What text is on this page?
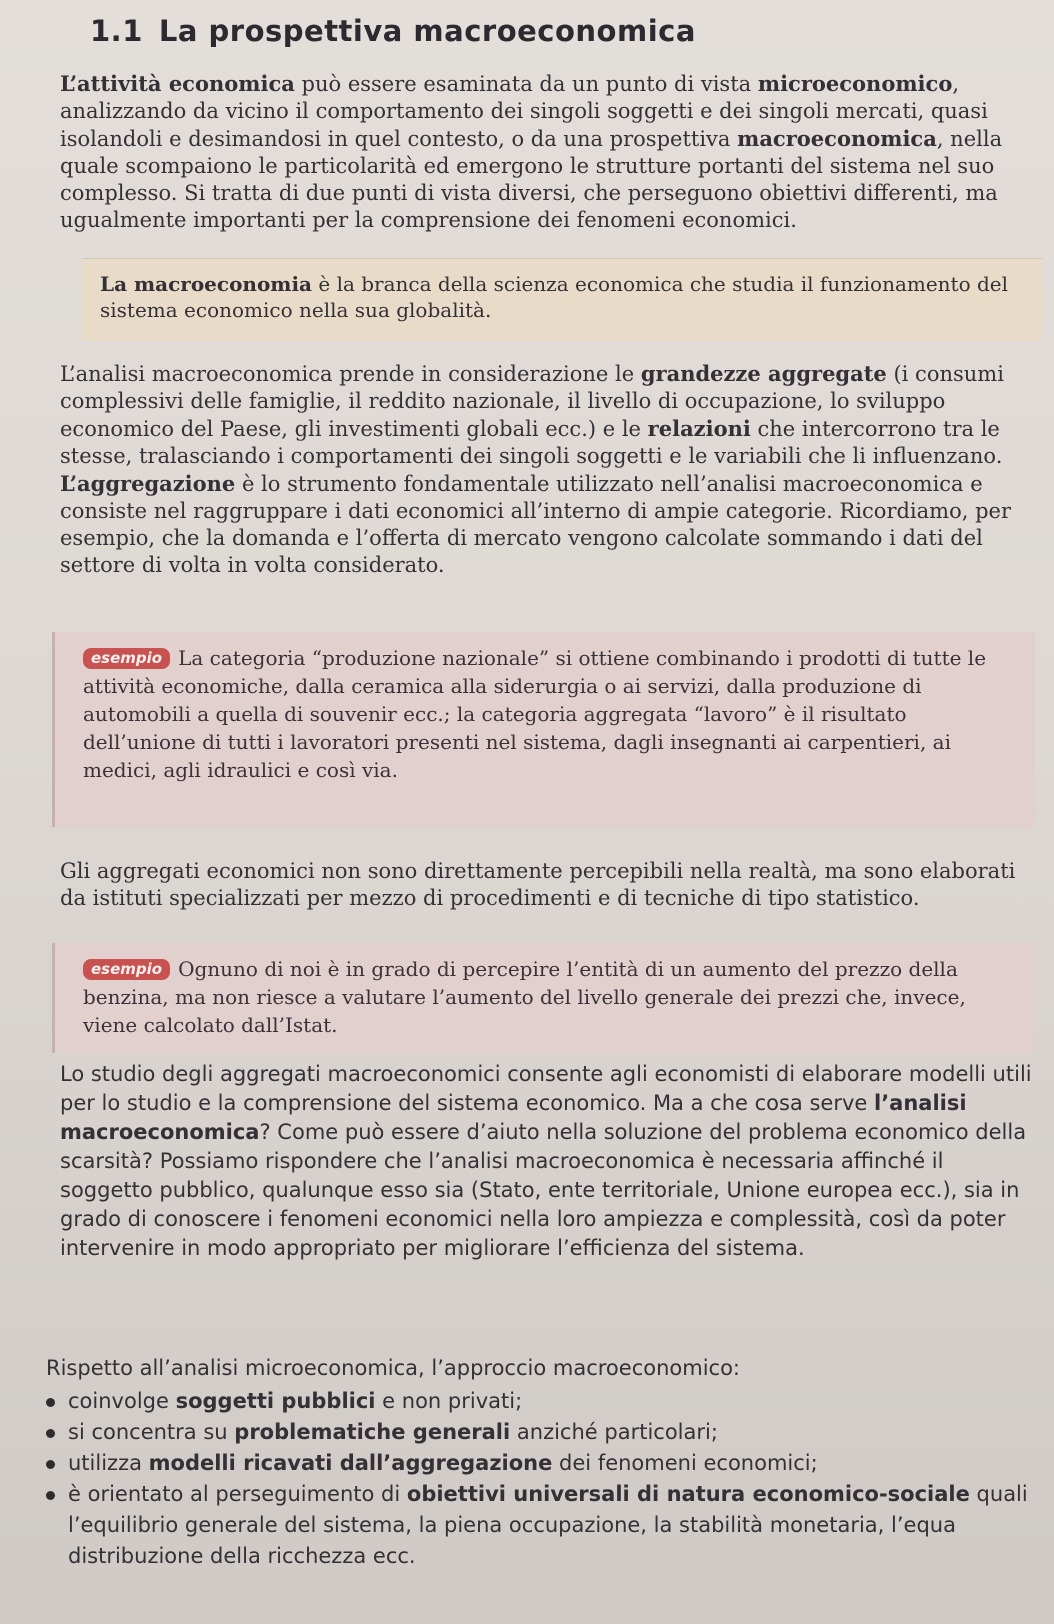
1.1 La prospettiva macroeconomica

L’attività economica può essere esaminata da un punto di vista microeconomico, analizzando da vicino il comportamento dei singoli soggetti e dei singoli mercati, quasi isolandoli e desimandosi in quel contesto, o da una prospettiva macroeconomica, nella quale scompaiono le particolarità ed emergono le strutture portanti del sistema nel suo complesso. Si tratta di due punti di vista diversi, che perseguono obiettivi differenti, ma ugualmente importanti per la comprensione dei fenomeni economici.

La macroeconomia è la branca della scienza economica che studia il funzionamento del sistema economico nella sua globalità.

L’analisi macroeconomica prende in considerazione le grandezze aggregate (i consumi complessivi delle famiglie, il reddito nazionale, il livello di occupazione, lo sviluppo economico del Paese, gli investimenti globali ecc.) e le relazioni che intercorrono tra le stesse, tralasciando i comportamenti dei singoli soggetti e le variabili che li influenzano. L’aggregazione è lo strumento fondamentale utilizzato nell’analisi macroeconomica e consiste nel raggruppare i dati economici all’interno di ampie categorie. Ricordiamo, per esempio, che la domanda e l’offerta di mercato vengono calcolate sommando i dati del settore di volta in volta considerato.

esempio La categoria “produzione nazionale” si ottiene combinando i prodotti di tutte le attività economiche, dalla ceramica alla siderurgia o ai servizi, dalla produzione di automobili a quella di souvenir ecc.; la categoria aggregata “lavoro” è il risultato dell’unione di tutti i lavoratori presenti nel sistema, dagli insegnanti ai carpentieri, ai medici, agli idraulici e così via.

Gli aggregati economici non sono direttamente percepibili nella realtà, ma sono elaborati da istituti specializzati per mezzo di procedimenti e di tecniche di tipo statistico.

esempio Ognuno di noi è in grado di percepire l’entità di un aumento del prezzo della benzina, ma non riesce a valutare l’aumento del livello generale dei prezzi che, invece, viene calcolato dall’Istat.

Lo studio degli aggregati macroeconomici consente agli economisti di elaborare modelli utili per lo studio e la comprensione del sistema economico. Ma a che cosa serve l’analisi macroeconomica? Come può essere d’aiuto nella soluzione del problema economico della scarsità? Possiamo rispondere che l’analisi macroeconomica è necessaria affinché il soggetto pubblico, qualunque esso sia (Stato, ente territoriale, Unione europea ecc.), sia in grado di conoscere i fenomeni economici nella loro ampiezza e complessità, così da poter intervenire in modo appropriato per migliorare l’efficienza del sistema.

Rispetto all’analisi microeconomica, l’approccio macroeconomico:

coinvolge soggetti pubblici e non privati;
si concentra su problematiche generali anziché particolari;
utilizza modelli ricavati dall’aggregazione dei fenomeni economici;
è orientato al perseguimento di obiettivi universali di natura economico-sociale quali l’equilibrio generale del sistema, la piena occupazione, la stabilità monetaria, l’equa distribuzione della ricchezza ecc.
